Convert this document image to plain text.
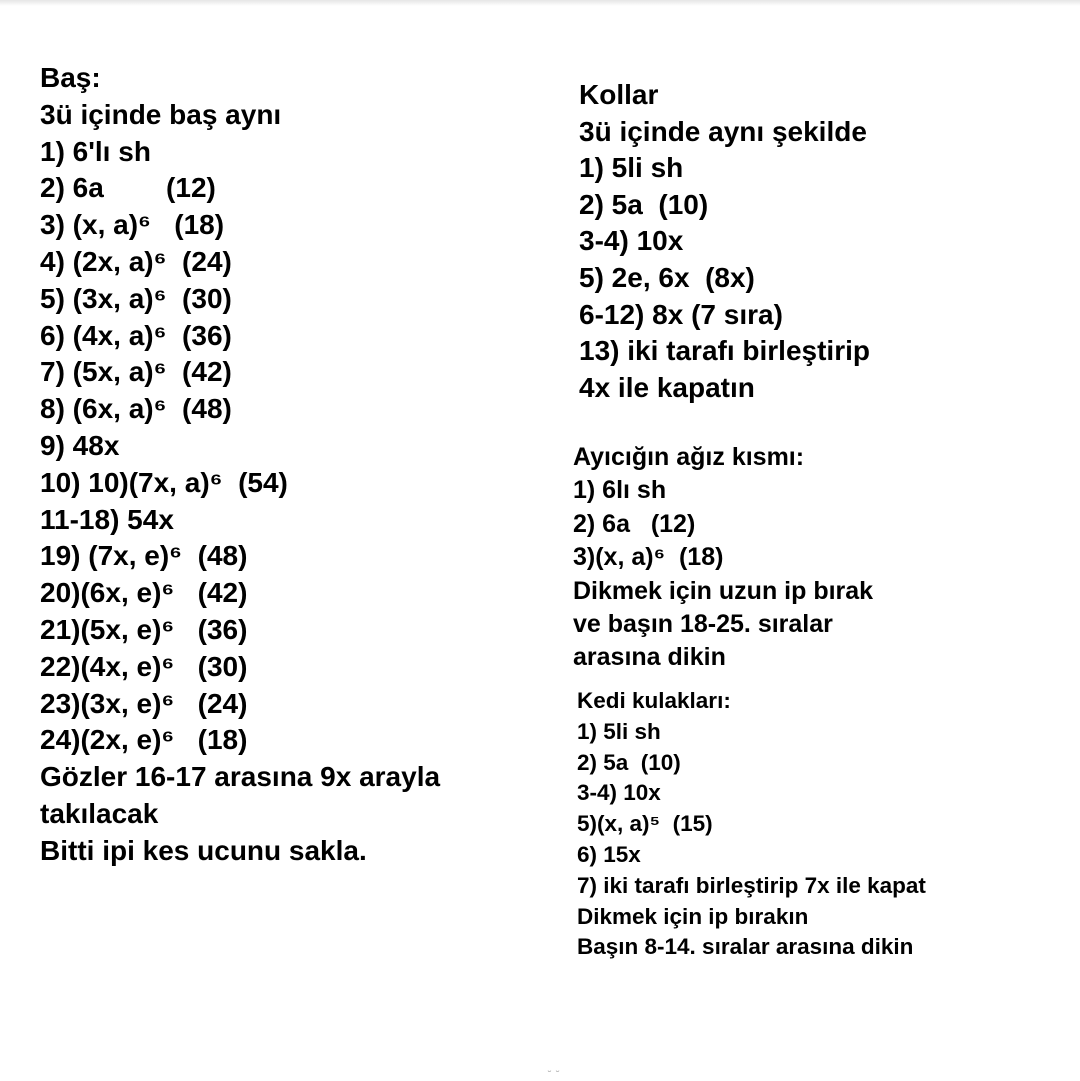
Baş:
3ü içinde baş aynı
1) 6'lı sh
2) 6a        (12)
3) (x, a)⁶   (18)
4) (2x, a)⁶  (24)
5) (3x, a)⁶  (30)
6) (4x, a)⁶  (36)
7) (5x, a)⁶  (42)
8) (6x, a)⁶  (48)
9) 48x
10) 10)(7x, a)⁶  (54)
11-18) 54x
19) (7x, e)⁶  (48)
20)(6x, e)⁶   (42)
21)(5x, e)⁶   (36)
22)(4x, e)⁶   (30)
23)(3x, e)⁶   (24)
24)(2x, e)⁶   (18)
Gözler 16-17 arasına 9x arayla
takılacak
Bitti ipi kes ucunu sakla.
Kollar
3ü içinde aynı şekilde
1) 5li sh
2) 5a  (10)
3-4) 10x
5) 2e, 6x  (8x)
6-12) 8x (7 sıra)
13) iki tarafı birleştirip
4x ile kapatın
Ayıcığın ağız kısmı:
1) 6lı sh
2) 6a   (12)
3)(x, a)⁶  (18)
Dikmek için uzun ip bırak
ve başın 18-25. sıralar
arasına dikin
Kedi kulakları:
1) 5li sh
2) 5a  (10)
3-4) 10x
5)(x, a)⁵  (15)
6) 15x
7) iki tarafı birleştirip 7x ile kapat
Dikmek için ip bırakın
Başın 8-14. sıralar arasına dikin
˘ ˘
